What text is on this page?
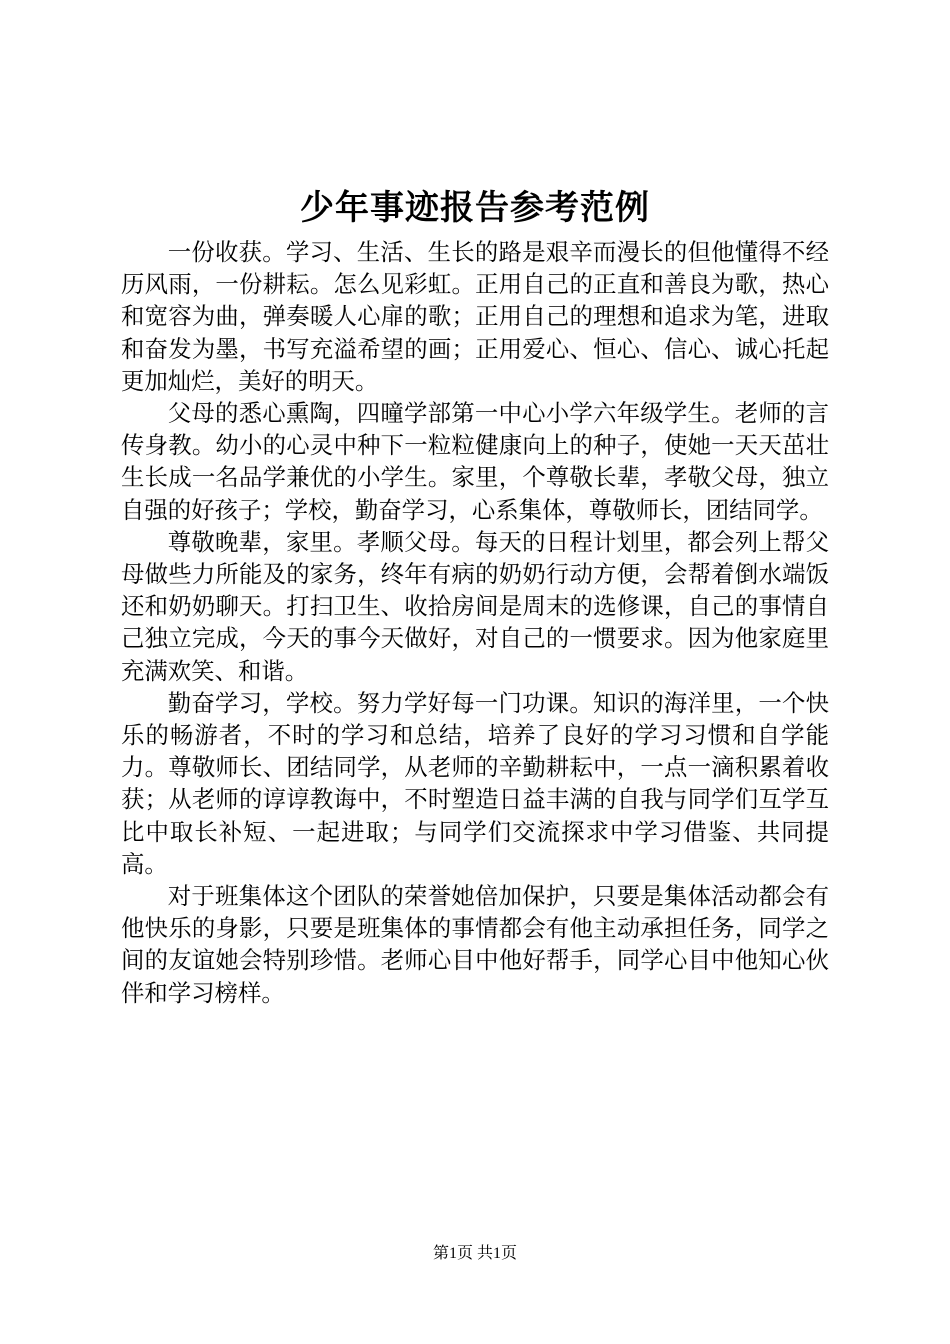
少年事迹报告参考范例

一份收获。学习、生活、生长的路是艰辛而漫长的但他懂得不经历风雨，一份耕耘。怎么见彩虹。正用自己的正直和善良为歌，热心和宽容为曲，弹奏暖人心扉的歌；正用自己的理想和追求为笔，进取和奋发为墨，书写充溢希望的画；正用爱心、恒心、信心、诚心托起更加灿烂，美好的明天。

父母的悉心熏陶，四曈学部第一中心小学六年级学生。老师的言传身教。幼小的心灵中种下一粒粒健康向上的种子，使她一天天茁壮生长成一名品学兼优的小学生。家里，个尊敬长辈，孝敬父母，独立自强的好孩子；学校，勤奋学习，心系集体，尊敬师长，团结同学。

尊敬晚辈，家里。孝顺父母。每天的日程计划里，都会列上帮父母做些力所能及的家务，终年有病的奶奶行动方便，会帮着倒水端饭还和奶奶聊天。打扫卫生、收拾房间是周末的选修课，自己的事情自己独立完成，今天的事今天做好，对自己的一惯要求。因为他家庭里充满欢笑、和谐。

勤奋学习，学校。努力学好每一门功课。知识的海洋里，一个快乐的畅游者，不时的学习和总结，培养了良好的学习习惯和自学能力。尊敬师长、团结同学，从老师的辛勤耕耘中，一点一滴积累着收获；从老师的谆谆教诲中，不时塑造日益丰满的自我与同学们互学互比中取长补短、一起进取；与同学们交流探求中学习借鉴、共同提高。

对于班集体这个团队的荣誉她倍加保护，只要是集体活动都会有他快乐的身影，只要是班集体的事情都会有他主动承担任务，同学之间的友谊她会特别珍惜。老师心目中他好帮手，同学心目中他知心伙伴和学习榜样。

第1页 共1页
